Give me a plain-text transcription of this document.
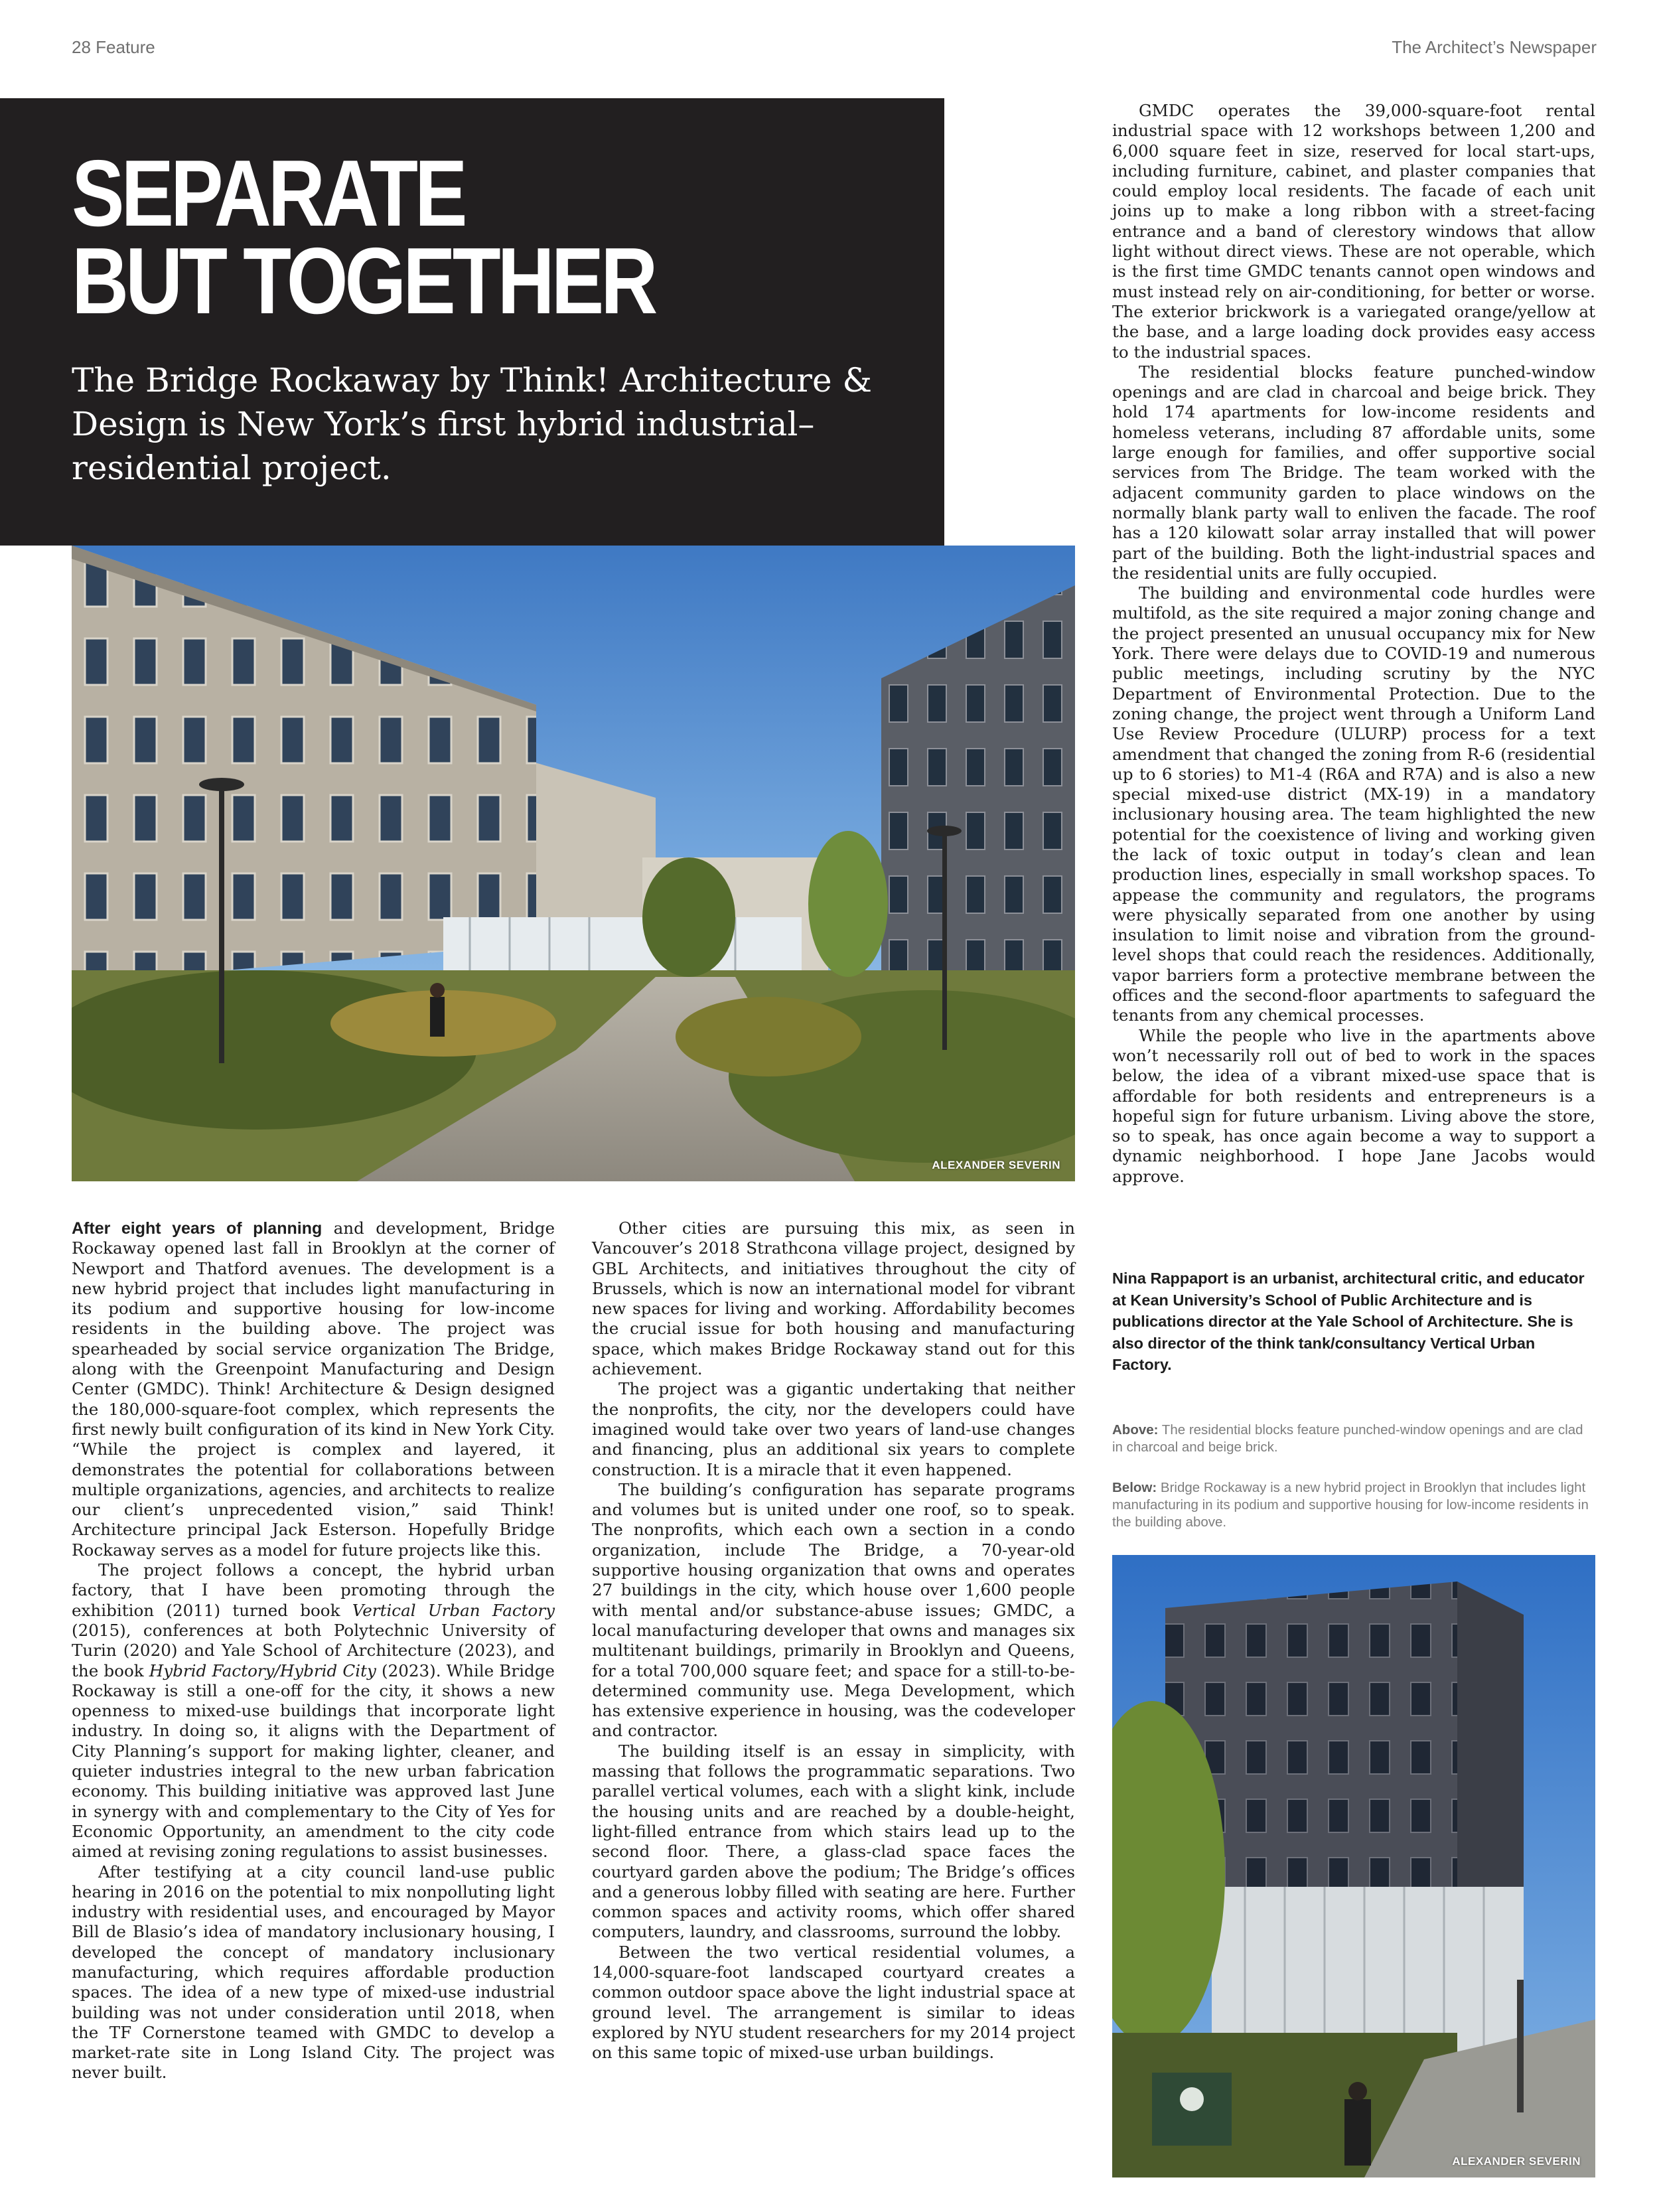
28 Feature	The Architect’s Newspaper
SEPARATE
BUT TOGETHER
The Bridge Rockaway by Think! Architecture & Design is New York’s first hybrid industrial–residential project.
ALEXANDER SEVERIN

After eight years of planning and development, Bridge Rockaway opened last fall in Brooklyn at the corner of Newport and Thatford avenues. The development is a new hybrid project that includes light manufacturing in its podium and supportive housing for low-income residents in the building above. The project was spearheaded by social service organization The Bridge, along with the Greenpoint Manufacturing and Design Center (GMDC). Think! Architecture & Design designed the 180,000-square-foot complex, which represents the first newly built configuration of its kind in New York City. “While the project is complex and layered, it demonstrates the potential for collaborations between multiple organizations, agencies, and architects to realize our client’s unprecedented vision,” said Think! Architecture principal Jack Esterson. Hopefully Bridge Rockaway serves as a model for future projects like this.

The project follows a concept, the hybrid urban factory, that I have been promoting through the exhibition (2011) turned book Vertical Urban Factory (2015), conferences at both Polytechnic University of Turin (2020) and Yale School of Architecture (2023), and the book Hybrid Factory/Hybrid City (2023). While Bridge Rockaway is still a one-off for the city, it shows a new openness to mixed-use buildings that incorporate light industry. In doing so, it aligns with the Department of City Planning’s support for making lighter, cleaner, and quieter industries integral to the new urban fabrication economy. This building initiative was approved last June in synergy with and complementary to the City of Yes for Economic Opportunity, an amendment to the city code aimed at revising zoning regulations to assist businesses.

After testifying at a city council land-use public hearing in 2016 on the potential to mix nonpolluting light industry with residential uses, and encouraged by Mayor Bill de Blasio’s idea of mandatory inclusionary housing, I developed the concept of mandatory inclusionary manufacturing, which requires affordable production spaces. The idea of a new type of mixed-use industrial building was not under consideration until 2018, when the TF Cornerstone teamed with GMDC to develop a market-rate site in Long Island City. The project was never built.

Other cities are pursuing this mix, as seen in Vancouver’s 2018 Strathcona village project, designed by GBL Architects, and initiatives throughout the city of Brussels, which is now an international model for vibrant new spaces for living and working. Affordability becomes the crucial issue for both housing and manufacturing space, which makes Bridge Rockaway stand out for this achievement.

The project was a gigantic undertaking that neither the nonprofits, the city, nor the developers could have imagined would take over two years of land-use changes and financing, plus an additional six years to complete construction. It is a miracle that it even happened.

The building’s configuration has separate programs and volumes but is united under one roof, so to speak. The nonprofits, which each own a section in a condo organization, include The Bridge, a 70-year-old supportive housing organization that owns and operates 27 buildings in the city, which house over 1,600 people with mental and/or substance-abuse issues; GMDC, a local manufacturing developer that owns and manages six multitenant buildings, primarily in Brooklyn and Queens, for a total 700,000 square feet; and space for a still-to-be-determined community use. Mega Development, which has extensive experience in housing, was the codeveloper and contractor.

The building itself is an essay in simplicity, with massing that follows the programmatic separations. Two parallel vertical volumes, each with a slight kink, include the housing units and are reached by a double-height, light-filled entrance from which stairs lead up to the second floor. There, a glass-clad space faces the courtyard garden above the podium; The Bridge’s offices and a generous lobby filled with seating are here. Further common spaces and activity rooms, which offer shared computers, laundry, and classrooms, surround the lobby.

Between the two vertical residential volumes, a 14,000-square-foot landscaped courtyard creates a common outdoor space above the light industrial space at ground level. The arrangement is similar to ideas explored by NYU student researchers for my 2014 project on this same topic of mixed-use urban buildings.

GMDC operates the 39,000-square-foot rental industrial space with 12 workshops between 1,200 and 6,000 square feet in size, reserved for local start-ups, including furniture, cabinet, and plaster companies that could employ local residents. The facade of each unit joins up to make a long ribbon with a street-facing entrance and a band of clerestory windows that allow light without direct views. These are not operable, which is the first time GMDC tenants cannot open windows and must instead rely on air-conditioning, for better or worse. The exterior brickwork is a variegated orange/yellow at the base, and a large loading dock provides easy access to the industrial spaces.

The residential blocks feature punched-window openings and are clad in charcoal and beige brick. They hold 174 apartments for low-income residents and homeless veterans, including 87 affordable units, some large enough for families, and offer supportive social services from The Bridge. The team worked with the adjacent community garden to place windows on the normally blank party wall to enliven the facade. The roof has a 120 kilowatt solar array installed that will power part of the building. Both the light-industrial spaces and the residential units are fully occupied.

The building and environmental code hurdles were multifold, as the site required a major zoning change and the project presented an unusual occupancy mix for New York. There were delays due to COVID-19 and numerous public meetings, including scrutiny by the NYC Department of Environmental Protection. Due to the zoning change, the project went through a Uniform Land Use Review Procedure (ULURP) process for a text amendment that changed the zoning from R-6 (residential up to 6 stories) to M1-4 (R6A and R7A) and is also a new special mixed-use district (MX-19) in a mandatory inclusionary housing area. The team highlighted the new potential for the coexistence of living and working given the lack of toxic output in today’s clean and lean production lines, especially in small workshop spaces. To appease the community and regulators, the programs were physically separated from one another by using insulation to limit noise and vibration from the ground-level shops that could reach the residences. Additionally, vapor barriers form a protective membrane between the offices and the second-floor apartments to safeguard the tenants from any chemical processes.

While the people who live in the apartments above won’t necessarily roll out of bed to work in the spaces below, the idea of a vibrant mixed-use space that is affordable for both residents and entrepreneurs is a hopeful sign for future urbanism. Living above the store, so to speak, has once again become a way to support a dynamic neighborhood. I hope Jane Jacobs would approve.

Nina Rappaport is an urbanist, architectural critic, and educator at Kean University’s School of Public Architecture and is publications director at the Yale School of Architecture. She is also director of the think tank/consultancy Vertical Urban Factory.
Above: The residential blocks feature punched-window openings and are clad in charcoal and beige brick.
Below: Bridge Rockaway is a new hybrid project in Brooklyn that includes light manufacturing in its podium and supportive housing for low-income residents in the building above.
ALEXANDER SEVERIN
